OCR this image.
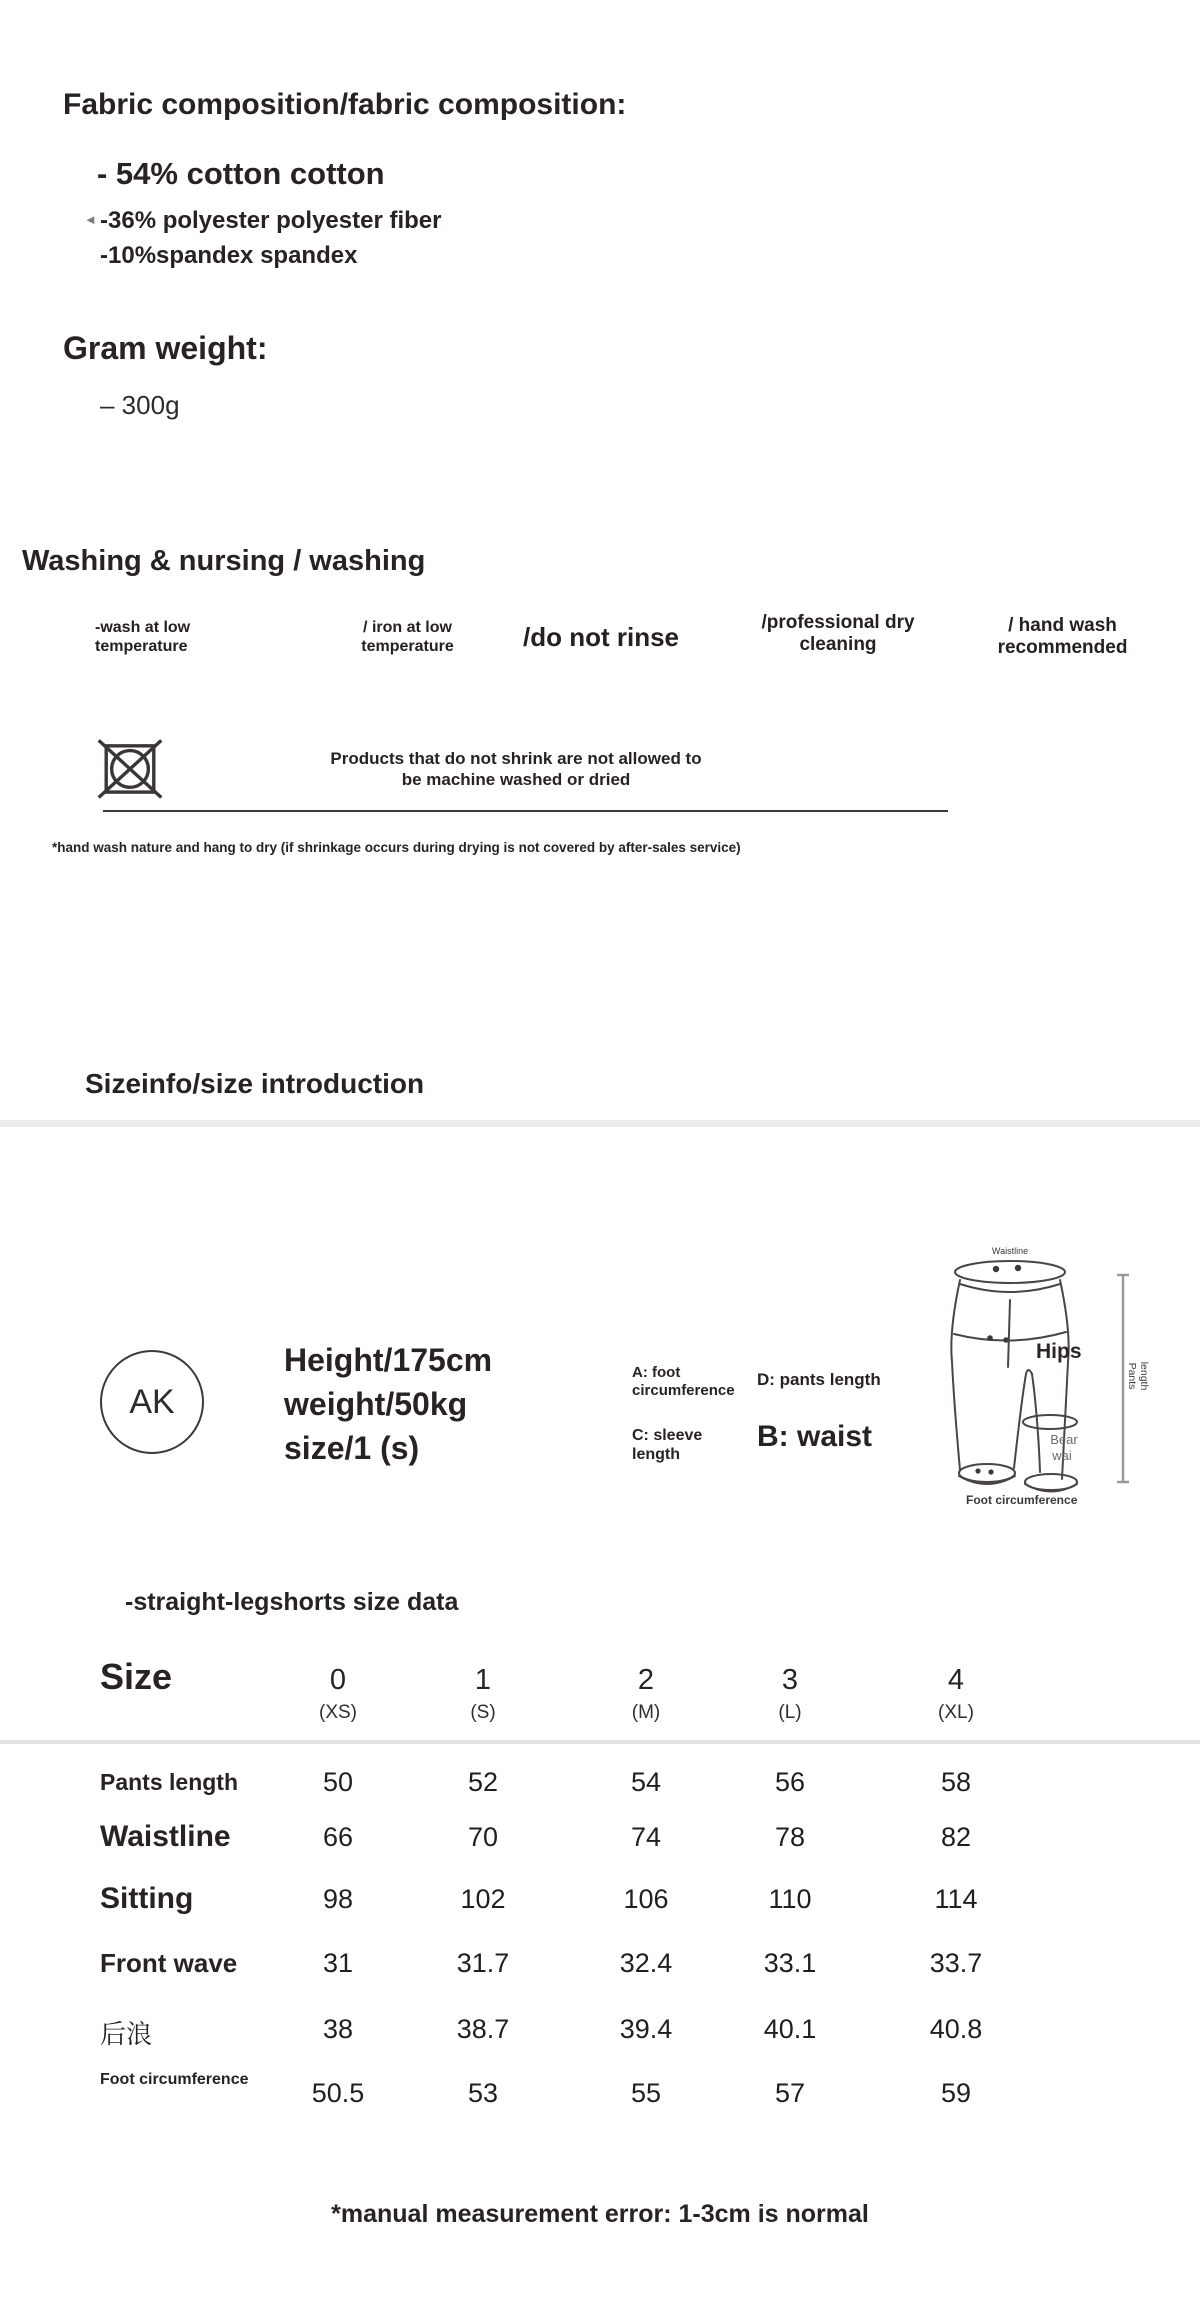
Fabric composition/fabric composition:
◄
- 54% cotton cotton
-36% polyester polyester fiber
-10%spandex spandex
Gram weight:
– 300g
Washing & nursing / washing
-wash at low temperature
/ iron at low temperature	/do not rinse	/professional dry cleaning
/ hand wash recommended
Products that do not shrink are not allowed to
be machine washed or dried
*hand wash nature and hang to dry (if shrinkage occurs during drying is not covered by after-sales service)
Sizeinfo/size introduction
AK
Height/175cm
weight/50kg
size/1 (s)
A: foot circumference
D: pants length
C: sleeve length
B: waist
Waistline
Hips
Bear
wai
Pants length
Foot circumference
-straight-legshorts size data
Size	0	1	2	3	4
(XS)	(S)	(M)	(L)	(XL)
Pants length	50	52	54	56	58
Waistline	66	70	74	78	82
Sitting	98	102	106	110	114
Front wave	31	31.7	32.4	33.1	33.7
后浪	38	38.7	39.4	40.1	40.8
Foot circumference 50.5	53	55	57	59
*manual measurement error: 1-3cm is normal
